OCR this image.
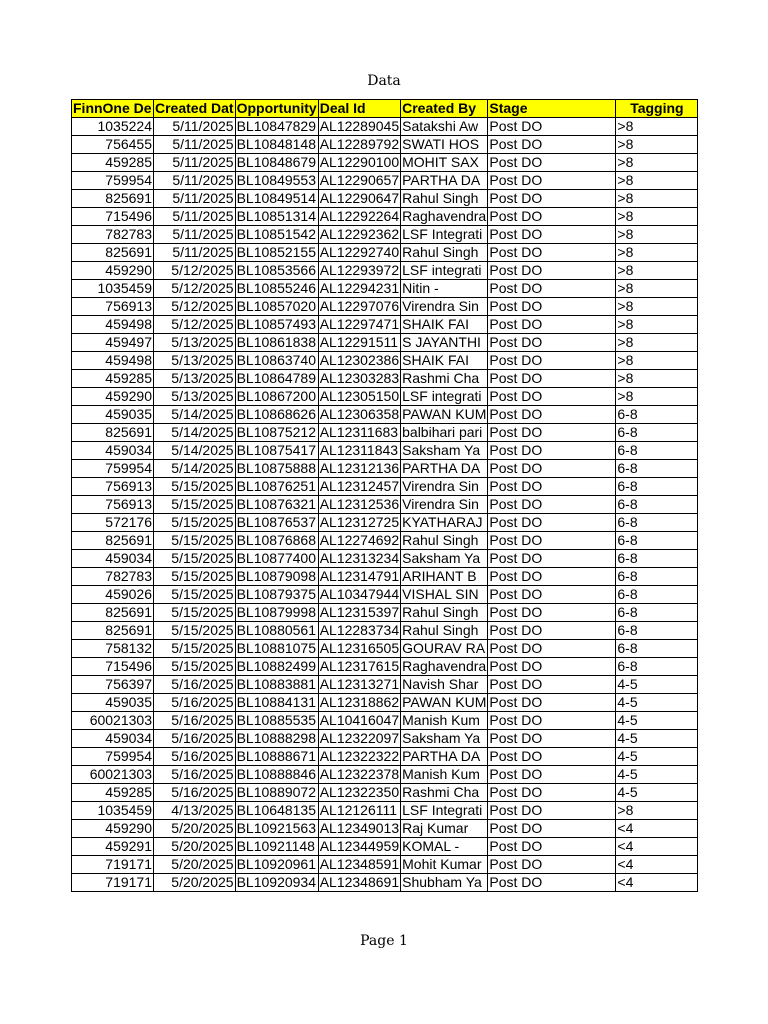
Data
FinnOne De	Created Dat	Opportunity	Deal Id	Created By	Stage	Tagging
1035224	5/11/2025	BL10847829	AL12289045	Satakshi Aw	Post DO	>8
756455	5/11/2025	BL10848148	AL12289792	SWATI HOS	Post DO	>8
459285	5/11/2025	BL10848679	AL12290100	MOHIT SAX	Post DO	>8
759954	5/11/2025	BL10849553	AL12290657	PARTHA DA	Post DO	>8
825691	5/11/2025	BL10849514	AL12290647	Rahul Singh	Post DO	>8
715496	5/11/2025	BL10851314	AL12292264	Raghavendra	Post DO	>8
782783	5/11/2025	BL10851542	AL12292362	LSF Integrati	Post DO	>8
825691	5/11/2025	BL10852155	AL12292740	Rahul Singh	Post DO	>8
459290	5/12/2025	BL10853566	AL12293972	LSF integrati	Post DO	>8
1035459	5/12/2025	BL10855246	AL12294231	Nitin -	Post DO	>8
756913	5/12/2025	BL10857020	AL12297076	Virendra Sin	Post DO	>8
459498	5/12/2025	BL10857493	AL12297471	SHAIK FAI	Post DO	>8
459497	5/13/2025	BL10861838	AL12291511	S JAYANTHI	Post DO	>8
459498	5/13/2025	BL10863740	AL12302386	SHAIK FAI	Post DO	>8
459285	5/13/2025	BL10864789	AL12303283	Rashmi Cha	Post DO	>8
459290	5/13/2025	BL10867200	AL12305150	LSF integrati	Post DO	>8
459035	5/14/2025	BL10868626	AL12306358	PAWAN KUM	Post DO	6-8
825691	5/14/2025	BL10875212	AL12311683	balbihari pari	Post DO	6-8
459034	5/14/2025	BL10875417	AL12311843	Saksham Ya	Post DO	6-8
759954	5/14/2025	BL10875888	AL12312136	PARTHA DA	Post DO	6-8
756913	5/15/2025	BL10876251	AL12312457	Virendra Sin	Post DO	6-8
756913	5/15/2025	BL10876321	AL12312536	Virendra Sin	Post DO	6-8
572176	5/15/2025	BL10876537	AL12312725	KYATHARAJ	Post DO	6-8
825691	5/15/2025	BL10876868	AL12274692	Rahul Singh	Post DO	6-8
459034	5/15/2025	BL10877400	AL12313234	Saksham Ya	Post DO	6-8
782783	5/15/2025	BL10879098	AL12314791	ARIHANT B	Post DO	6-8
459026	5/15/2025	BL10879375	AL10347944	VISHAL SIN	Post DO	6-8
825691	5/15/2025	BL10879998	AL12315397	Rahul Singh	Post DO	6-8
825691	5/15/2025	BL10880561	AL12283734	Rahul Singh	Post DO	6-8
758132	5/15/2025	BL10881075	AL12316505	GOURAV RA	Post DO	6-8
715496	5/15/2025	BL10882499	AL12317615	Raghavendra	Post DO	6-8
756397	5/16/2025	BL10883881	AL12313271	Navish Shar	Post DO	4-5
459035	5/16/2025	BL10884131	AL12318862	PAWAN KUM	Post DO	4-5
60021303	5/16/2025	BL10885535	AL10416047	Manish Kum	Post DO	4-5
459034	5/16/2025	BL10888298	AL12322097	Saksham Ya	Post DO	4-5
759954	5/16/2025	BL10888671	AL12322322	PARTHA DA	Post DO	4-5
60021303	5/16/2025	BL10888846	AL12322378	Manish Kum	Post DO	4-5
459285	5/16/2025	BL10889072	AL12322350	Rashmi Cha	Post DO	4-5
1035459	4/13/2025	BL10648135	AL12126111	LSF Integrati	Post DO	>8
459290	5/20/2025	BL10921563	AL12349013	Raj Kumar	Post DO	<4
459291	5/20/2025	BL10921148	AL12344959	KOMAL -	Post DO	<4
719171	5/20/2025	BL10920961	AL12348591	Mohit Kumar	Post DO	<4
719171	5/20/2025	BL10920934	AL12348691	Shubham Ya	Post DO	<4
Page 1
